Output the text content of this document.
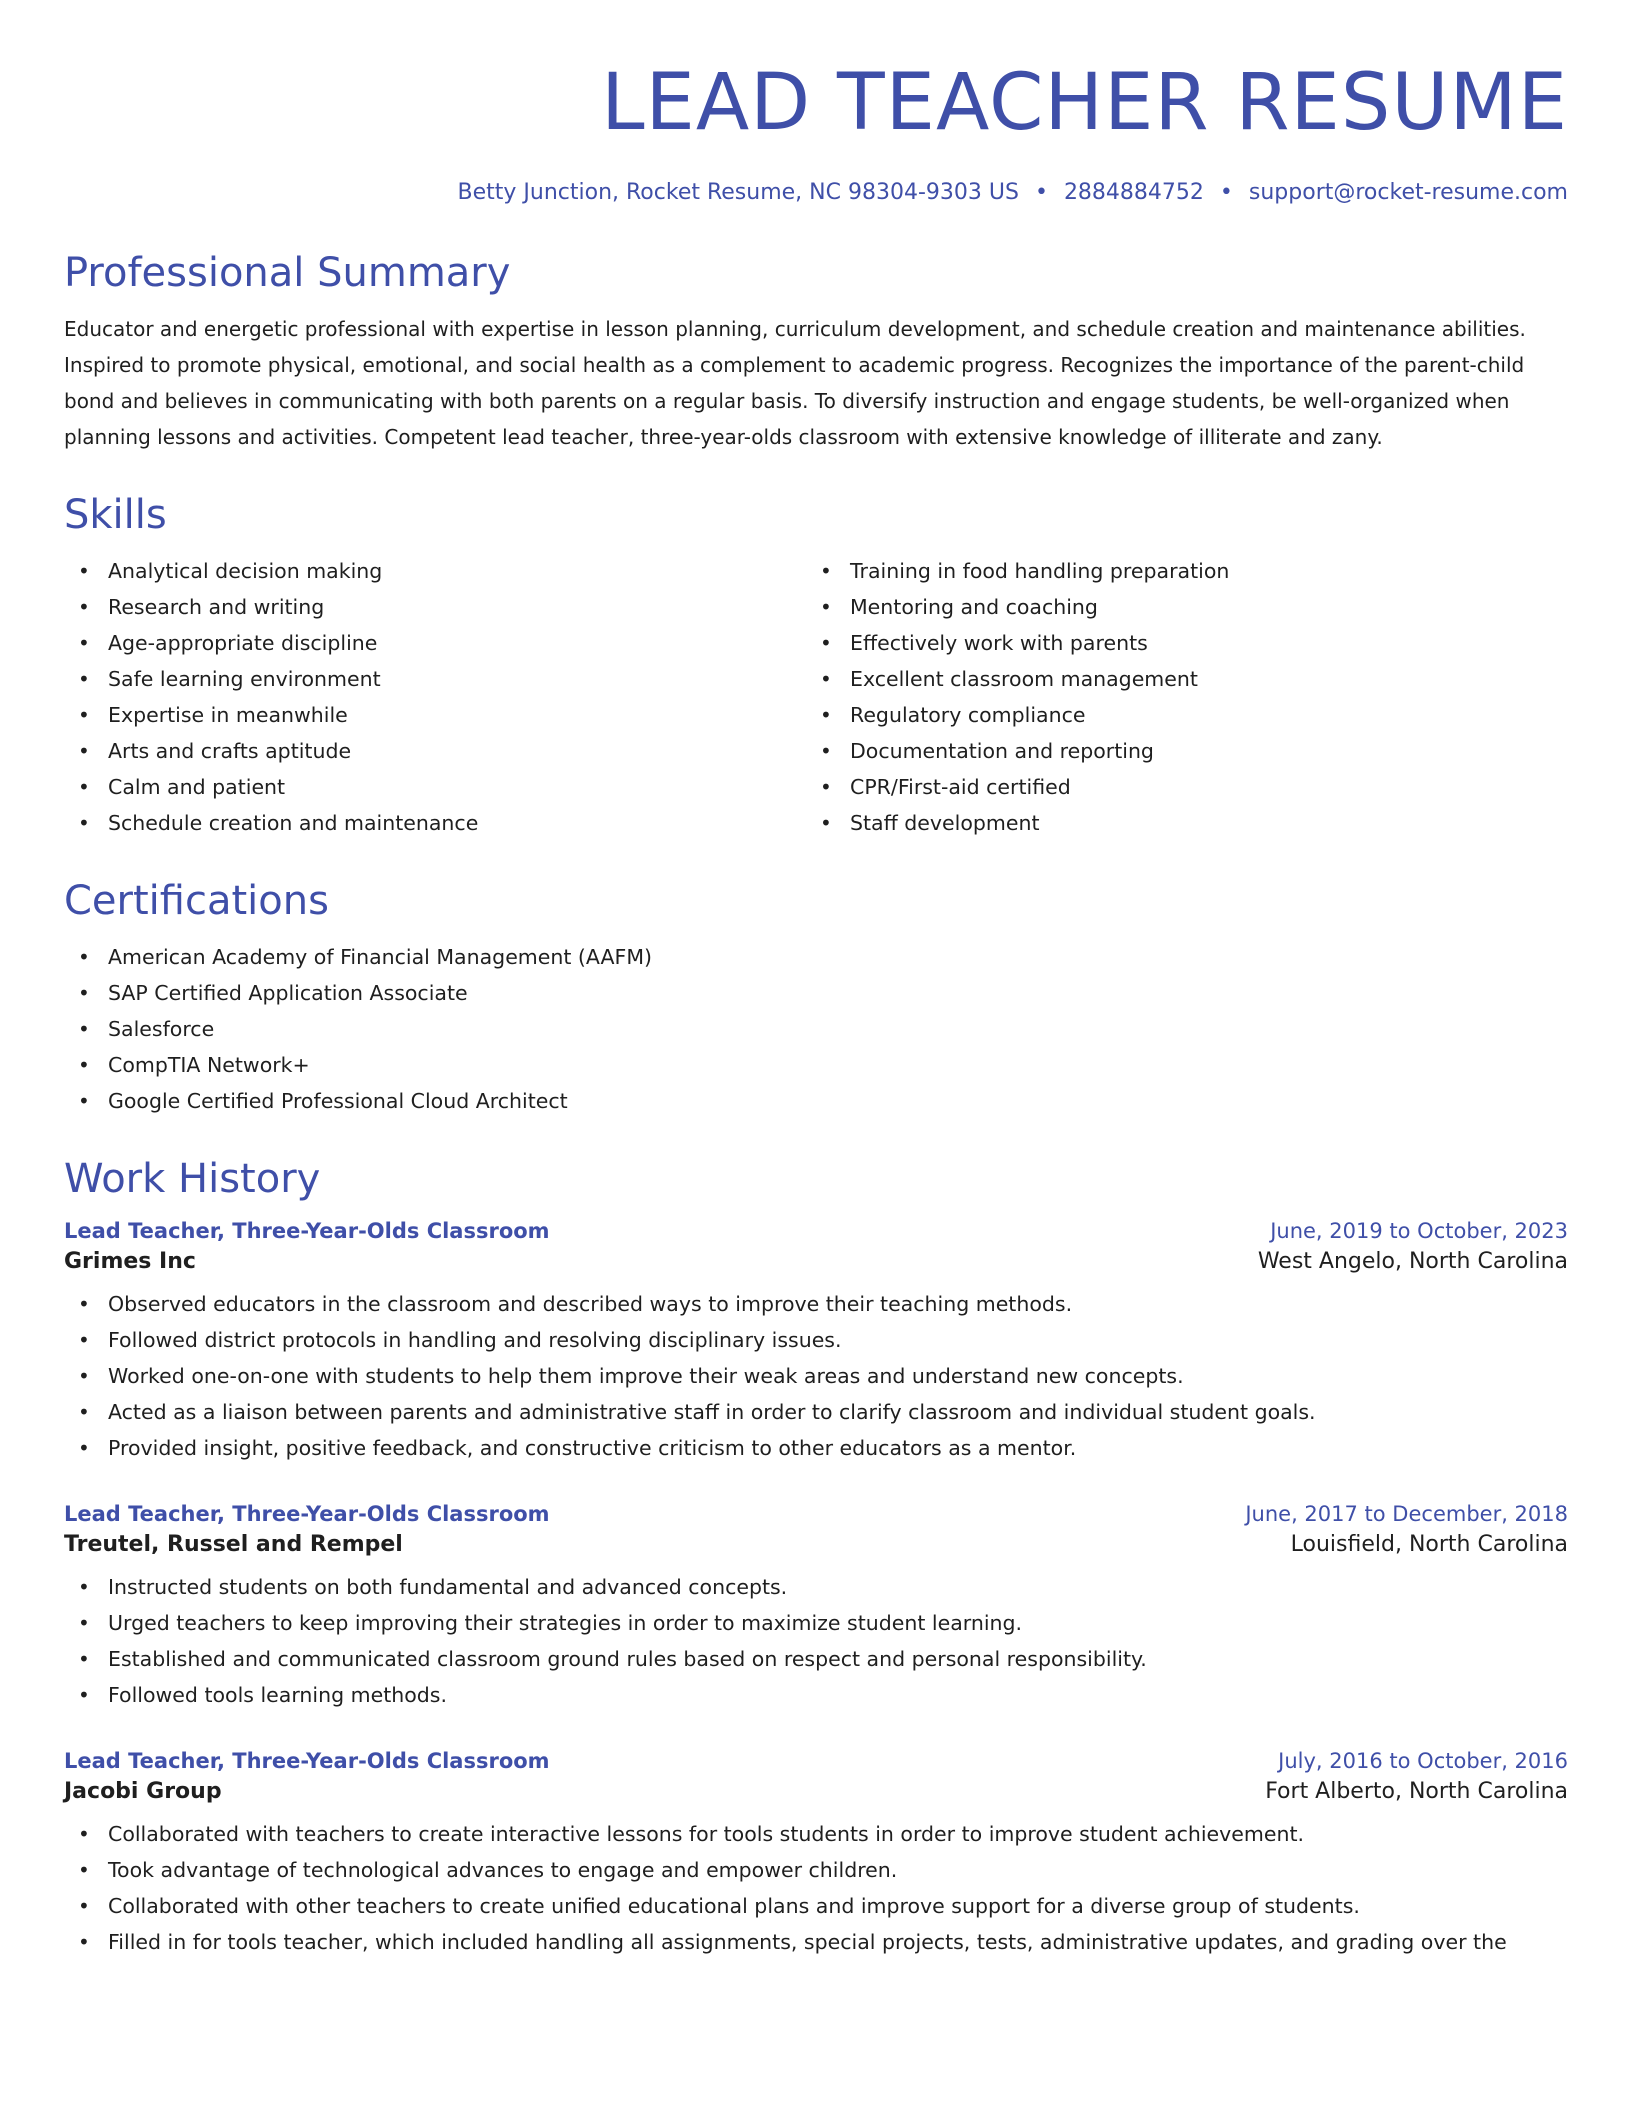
LEAD TEACHER RESUME
Betty Junction, Rocket Resume, NC 98304-9303 US • 2884884752 • support@rocket-resume.com
Professional Summary

Educator and energetic professional with expertise in lesson planning, curriculum development, and schedule creation and maintenance abilities. Inspired to promote physical, emotional, and social health as a complement to academic progress. Recognizes the importance of the parent-child bond and believes in communicating with both parents on a regular basis. To diversify instruction and engage students, be well-organized when planning lessons and activities. Competent lead teacher, three-year-olds classroom with extensive knowledge of illiterate and zany.

Skills
• Analytical decision making
• Research and writing
• Age-appropriate discipline
• Safe learning environment
• Expertise in meanwhile
• Arts and crafts aptitude
• Calm and patient
• Schedule creation and maintenance
• Training in food handling preparation
• Mentoring and coaching
• Effectively work with parents
• Excellent classroom management
• Regulatory compliance
• Documentation and reporting
• CPR/First-aid certified
• Staff development
Certifications
• American Academy of Financial Management (AAFM)
• SAP Certified Application Associate
• Salesforce
• CompTIA Network+
• Google Certified Professional Cloud Architect
Work History
Lead Teacher, Three-Year-Olds Classroom	June, 2019 to October, 2023
Grimes Inc	West Angelo, North Carolina
• Observed educators in the classroom and described ways to improve their teaching methods.
• Followed district protocols in handling and resolving disciplinary issues.
• Worked one-on-one with students to help them improve their weak areas and understand new concepts.
• Acted as a liaison between parents and administrative staff in order to clarify classroom and individual student goals.
• Provided insight, positive feedback, and constructive criticism to other educators as a mentor.
Lead Teacher, Three-Year-Olds Classroom	June, 2017 to December, 2018
Treutel, Russel and Rempel	Louisfield, North Carolina
• Instructed students on both fundamental and advanced concepts.
• Urged teachers to keep improving their strategies in order to maximize student learning.
• Established and communicated classroom ground rules based on respect and personal responsibility.
• Followed tools learning methods.
Lead Teacher, Three-Year-Olds Classroom	July, 2016 to October, 2016
Jacobi Group	Fort Alberto, North Carolina
• Collaborated with teachers to create interactive lessons for tools students in order to improve student achievement.
• Took advantage of technological advances to engage and empower children.
• Collaborated with other teachers to create unified educational plans and improve support for a diverse group of students.
• Filled in for tools teacher, which included handling all assignments, special projects, tests, administrative updates, and grading over the
